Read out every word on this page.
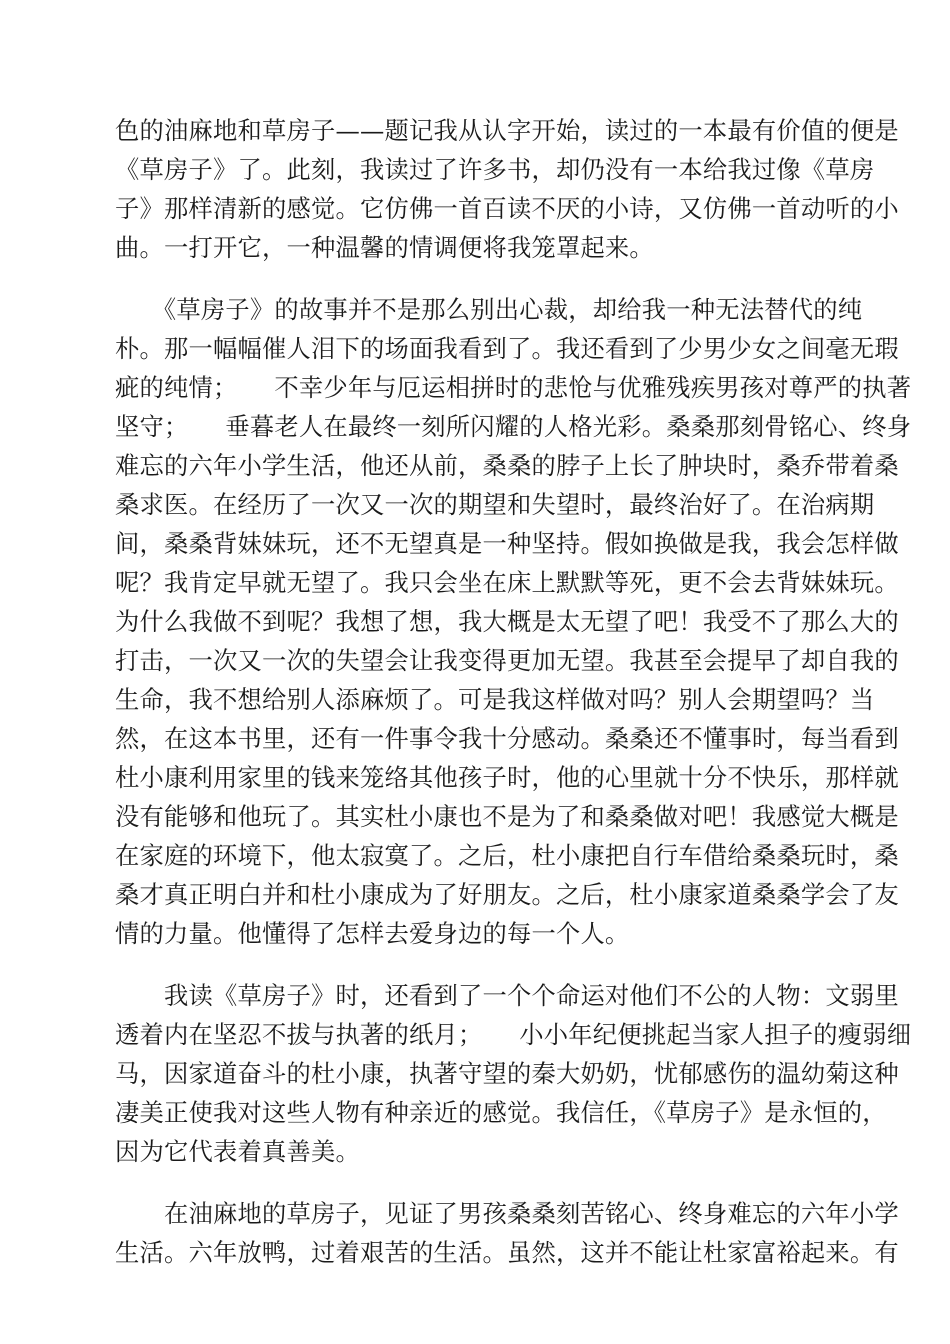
色的油麻地和草房子——题记我从认字开始，读过的一本最有价值的便是
《草房子》了。此刻，我读过了许多书，却仍没有一本给我过像《草房
子》那样清新的感觉。它仿佛一首百读不厌的小诗，又仿佛一首动听的小
曲。一打开它，一种温馨的情调便将我笼罩起来。
　　《草房子》的故事并不是那么别出心裁，却给我一种无法替代的纯
朴。那一幅幅催人泪下的场面我看到了。我还看到了少男少女之间毫无瑕
疵的纯情；　　不幸少年与厄运相拼时的悲怆与优雅残疾男孩对尊严的执著
坚守；　　垂暮老人在最终一刻所闪耀的人格光彩。桑桑那刻骨铭心、终身
难忘的六年小学生活，他还从前，桑桑的脖子上长了肿块时，桑乔带着桑
桑求医。在经历了一次又一次的期望和失望时，最终治好了。在治病期
间，桑桑背妹妹玩，还不无望真是一种坚持。假如换做是我，我会怎样做
呢？我肯定早就无望了。我只会坐在床上默默等死，更不会去背妹妹玩。
为什么我做不到呢？我想了想，我大概是太无望了吧！我受不了那么大的
打击，一次又一次的失望会让我变得更加无望。我甚至会提早了却自我的
生命，我不想给别人添麻烦了。可是我这样做对吗？别人会期望吗？当
然，在这本书里，还有一件事令我十分感动。桑桑还不懂事时，每当看到
杜小康利用家里的钱来笼络其他孩子时，他的心里就十分不快乐，那样就
没有能够和他玩了。其实杜小康也不是为了和桑桑做对吧！我感觉大概是
在家庭的环境下，他太寂寞了。之后，杜小康把自行车借给桑桑玩时，桑
桑才真正明白并和杜小康成为了好朋友。之后，杜小康家道桑桑学会了友
情的力量。他懂得了怎样去爱身边的每一个人。
　　我读《草房子》时，还看到了一个个命运对他们不公的人物：文弱里
透着内在坚忍不拔与执著的纸月；　　小小年纪便挑起当家人担子的瘦弱细
马，因家道奋斗的杜小康，执著守望的秦大奶奶，忧郁感伤的温幼菊这种
凄美正使我对这些人物有种亲近的感觉。我信任，《草房子》是永恒的，
因为它代表着真善美。
　　在油麻地的草房子，见证了男孩桑桑刻苦铭心、终身难忘的六年小学
生活。六年放鸭，过着艰苦的生活。虽然，这并不能让杜家富裕起来。有
